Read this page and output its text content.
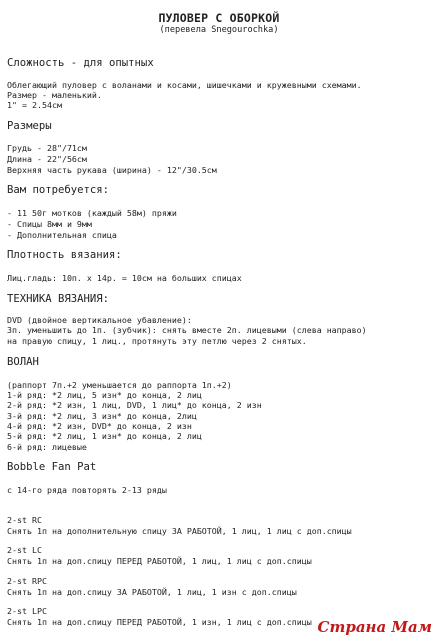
ПУЛОВЕР С ОБОРКОЙ
(перевела Snegourochka)
Сложность - для опытных
Облегающий пуловер с воланами и косами, шишечками и кружевными схемами.
Размер - маленький.
1" = 2.54см
Размеры
Грудь - 28"/71см
Длина - 22"/56см
Верхняя часть рукава (ширина) - 12"/30.5см
Вам потребуется:
- 11 50г мотков (каждый 58м) пряжи
- Спицы 8мм и 9мм
- Дополнительная спица
Плотность вязания:
Лиц.гладь: 10п. x 14р. = 10см на больших спицах
ТЕХНИКА ВЯЗАНИЯ:
DVD (двойное вертикальное убавление):
3п. уменьшить до 1п. (зубчик): снять вместе 2п. лицевыми (слева направо)
на правую спицу, 1 лиц., протянуть эту петлю через 2 снятых.
ВОЛАН
(раппорт 7п.+2 уменьшается до раппорта 1п.+2)
1-й ряд: *2 лиц, 5 изн* до конца, 2 лиц
2-й ряд: *2 изн, 1 лиц, DVD, 1 лиц* до конца, 2 изн
3-й ряд: *2 лиц, 3 изн* до конца, 2лиц
4-й ряд: *2 изн, DVD* до конца, 2 изн
5-й ряд: *2 лиц, 1 изн* до конца, 2 лиц
6-й ряд: лицевые
Bobble Fan Pat
с 14-го ряда повторять 2-13 ряды
2-st RC
Снять 1п на дополнительную спицу ЗА РАБОТОЙ, 1 лиц, 1 лиц с доп.спицы
2-st LC
Снять 1п на доп.спицу ПЕРЕД РАБОТОЙ, 1 лиц, 1 лиц с доп.спицы
2-st RPC
Снять 1п на доп.спицу ЗА РАБОТОЙ, 1 лиц, 1 изн с доп.спицы
2-st LPC
Снять 1п на доп.спицу ПЕРЕД РАБОТОЙ, 1 изн, 1 лиц с доп.спицы Страна Мам
